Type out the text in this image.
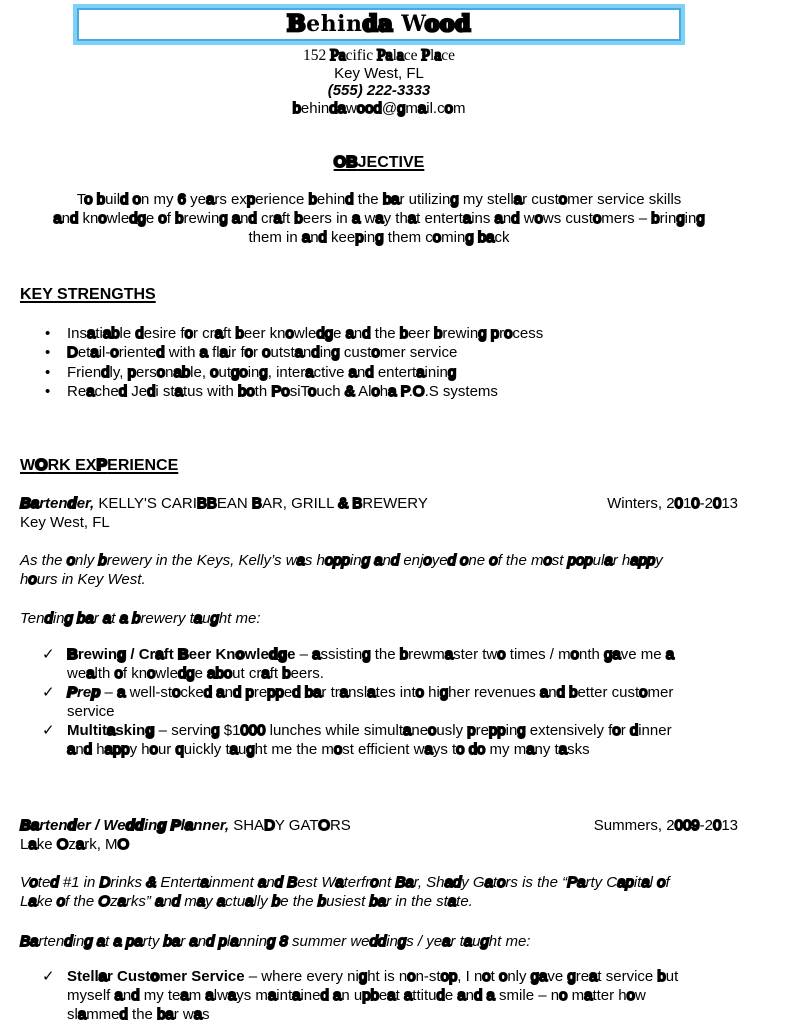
Behinda Wood

152 Pacific Palace Place

Key West, FL

(555) 222-3333

behindawood@gmail.com

OBJECTIVE

To build on my 6 years experience behind the bar utilizing my stellar customer service skills
and knowledge of brewing and craft beers in a way that entertains and wows customers – bringing
them in and keeping them coming back

KEY STRENGTHS
• Insatiable desire for craft beer knowledge and the beer brewing process
• Detail-oriented with a flair for outstanding customer service
• Friendly, personable, outgoing, interactive and entertaining
• Reached Jedi status with both PosiTouch & Aloha P.O.S systems
WORK EXPERIENCE
Bartender, KELLY'S CARIBBEAN BAR, GRILL & BREWERY	Winters, 2010-2013
Key West, FL

As the only brewery in the Keys, Kelly’s was hopping and enjoyed one of the most popular happy
hours in Key West.

Tending bar at a brewery taught me:

✓ Brewing / Craft Beer Knowledge – assisting the brewmaster two times / month gave me a
wealth of knowledge about craft beers.
✓ Prep – a well-stocked and prepped bar translates into higher revenues and better customer
service
✓ Multitasking – serving $1000 lunches while simultaneously prepping extensively for dinner
and happy hour quickly taught me the most efficient ways to do my many tasks
Bartender / Wedding Planner, SHADY GATORS	Summers, 2009-2013
Lake Ozark, MO

Voted #1 in Drinks & Entertainment and Best Waterfront Bar, Shady Gators is the “Party Capital of
Lake of the Ozarks” and may actually be the busiest bar in the state.

Bartending at a party bar and planning 8 summer weddings / year taught me:

✓ Stellar Customer Service – where every night is non-stop, I not only gave great service but
myself and my team always maintained an upbeat attitude and a smile – no matter how
slammed the bar was
